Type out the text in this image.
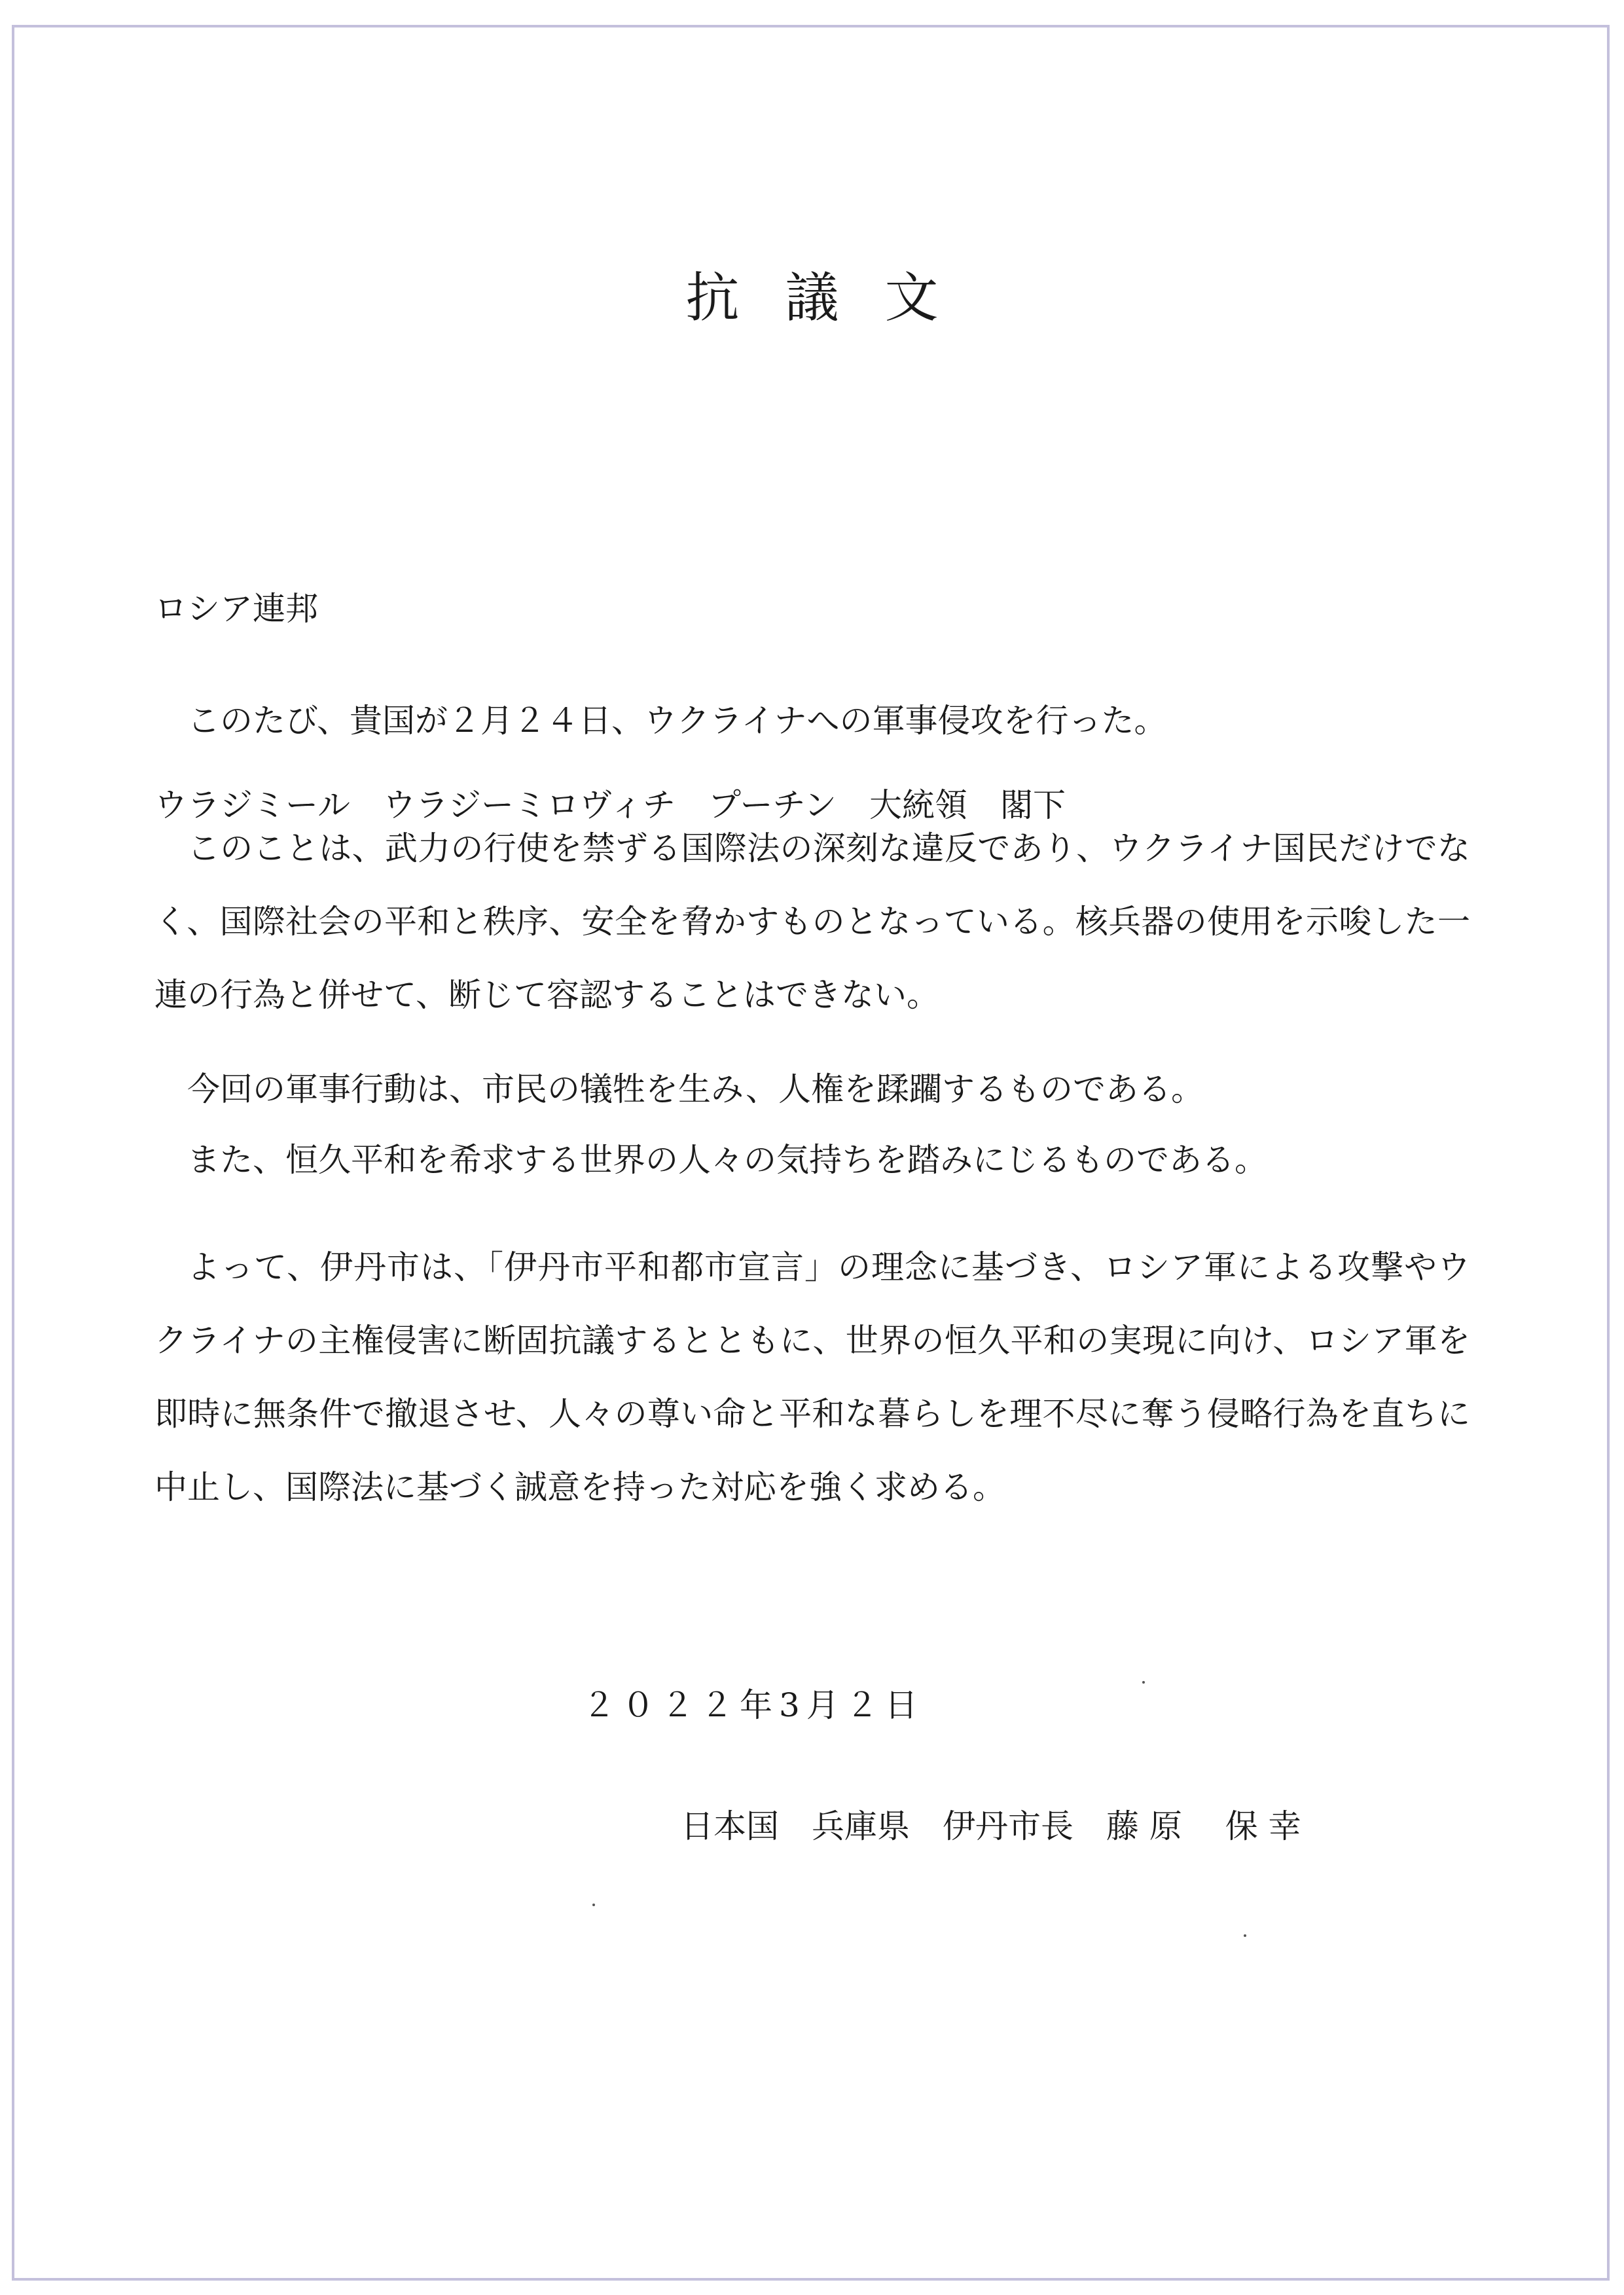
抗議文

ロシア連邦

ウラジミール　ウラジーミロヴィチ　プーチン　大統領　閣下

このたび、貴国が２月２４日、ウクライナへの軍事侵攻を行った。

このことは、武力の行使を禁ずる国際法の深刻な違反であり、ウクライナ国民だけでなく、国際社会の平和と秩序、安全を脅かすものとなっている。核兵器の使用を示唆した一連の行為と併せて、断じて容認することはできない。

今回の軍事行動は、市民の犠牲を生み、人権を蹂躙するものである。
また、恒久平和を希求する世界の人々の気持ちを踏みにじるものである。

よって、伊丹市は、「伊丹市平和都市宣言」の理念に基づき、ロシア軍による攻撃やウクライナの主権侵害に断固抗議するとともに、世界の恒久平和の実現に向け、ロシア軍を即時に無条件で撤退させ、人々の尊い命と平和な暮らしを理不尽に奪う侵略行為を直ちに中止し、国際法に基づく誠意を持った対応を強く求める。

２０２２年3月２日

日本国　兵庫県　伊丹市長　藤 原 　保 幸
